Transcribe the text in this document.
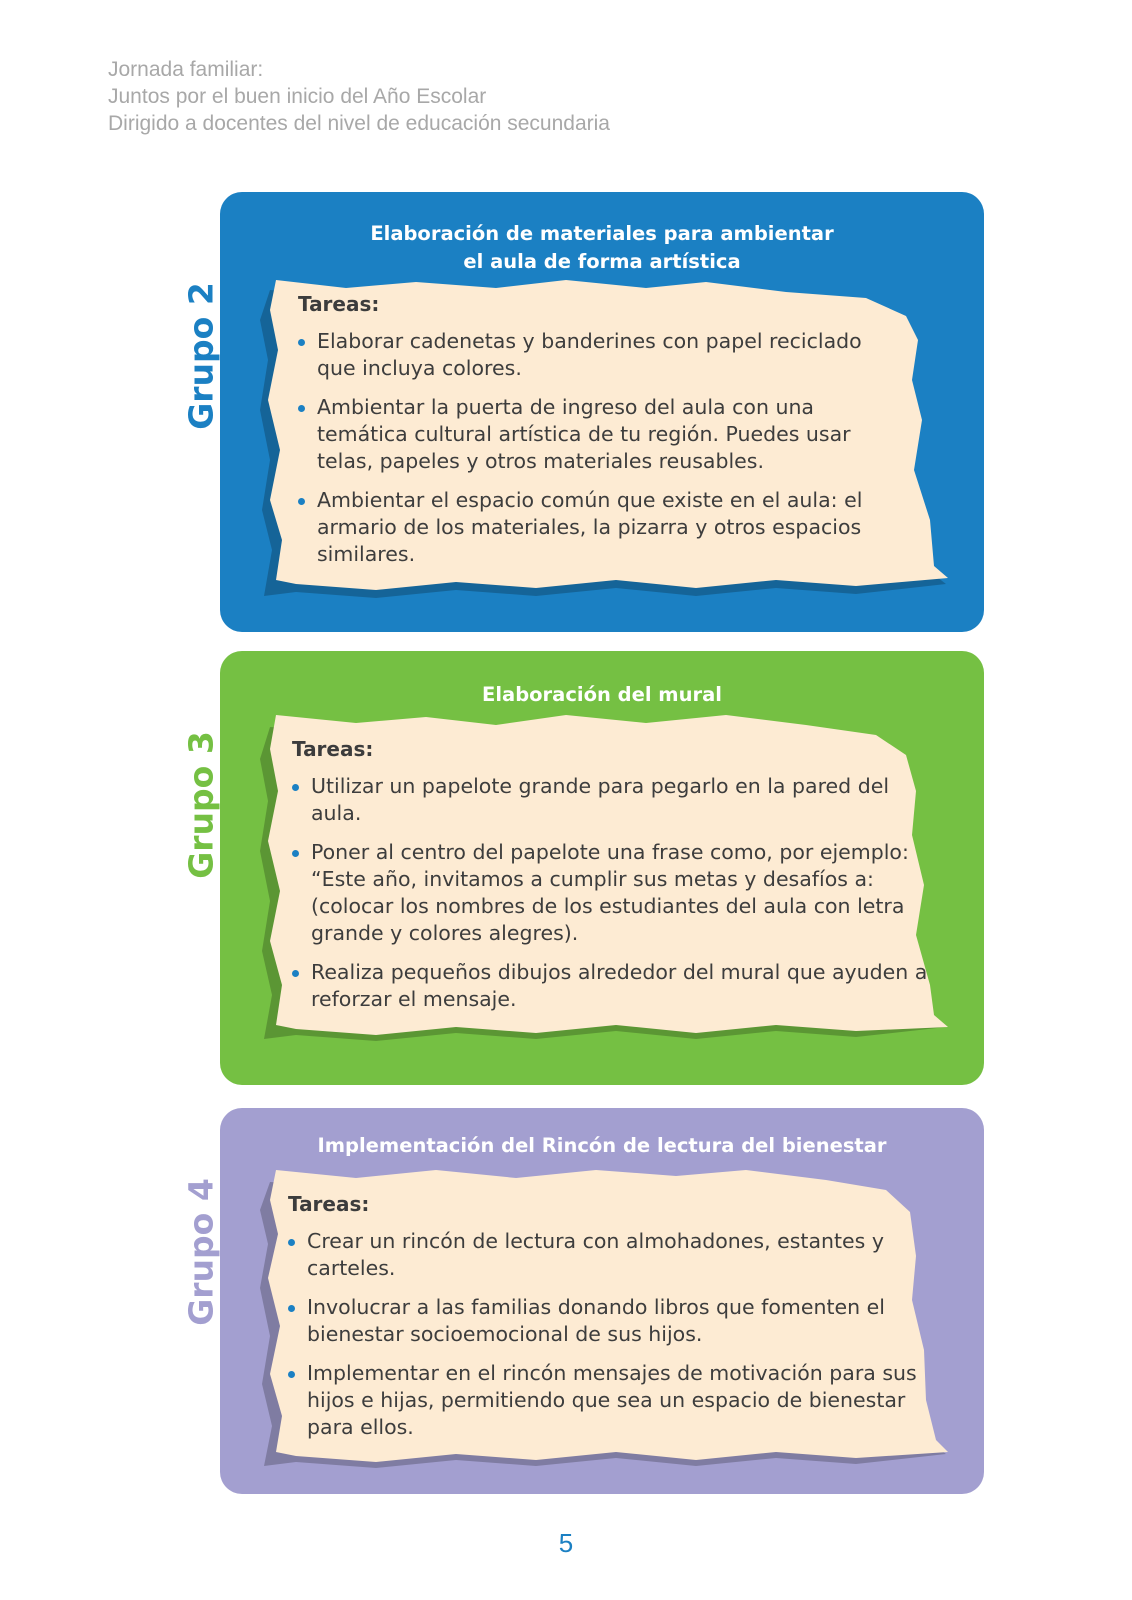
Jornada familiar:
Juntos por el buen inicio del Año Escolar
Dirigido a docentes del nivel de educación secundaria
Grupo 2
Elaboración de materiales para ambientar
el aula de forma artística
Tareas:
Elaborar cadenetas y banderines con papel reciclado que incluya colores.
Ambientar la puerta de ingreso del aula con una temática cultural artística de tu región. Puedes usar telas, papeles y otros materiales reusables.
Ambientar el espacio común que existe en el aula: el armario de los materiales, la pizarra y otros espacios similares.
Grupo 3
Elaboración del mural
Tareas:
Utilizar un papelote grande para pegarlo en la pared del aula.
Poner al centro del papelote una frase como, por ejemplo: “Este año, invitamos a cumplir sus metas y desafíos a: (colocar los nombres de los estudiantes del aula con letra grande y colores alegres).
Realiza pequeños dibujos alrededor del mural que ayuden a reforzar el mensaje.
Grupo 4
Implementación del Rincón de lectura del bienestar
Tareas:
Crear un rincón de lectura con almohadones, estantes y carteles.
Involucrar a las familias donando libros que fomenten el bienestar socioemocional de sus hijos.
Implementar en el rincón mensajes de motivación para sus hijos e hijas, permitiendo que sea un espacio de bienestar para ellos.
5
